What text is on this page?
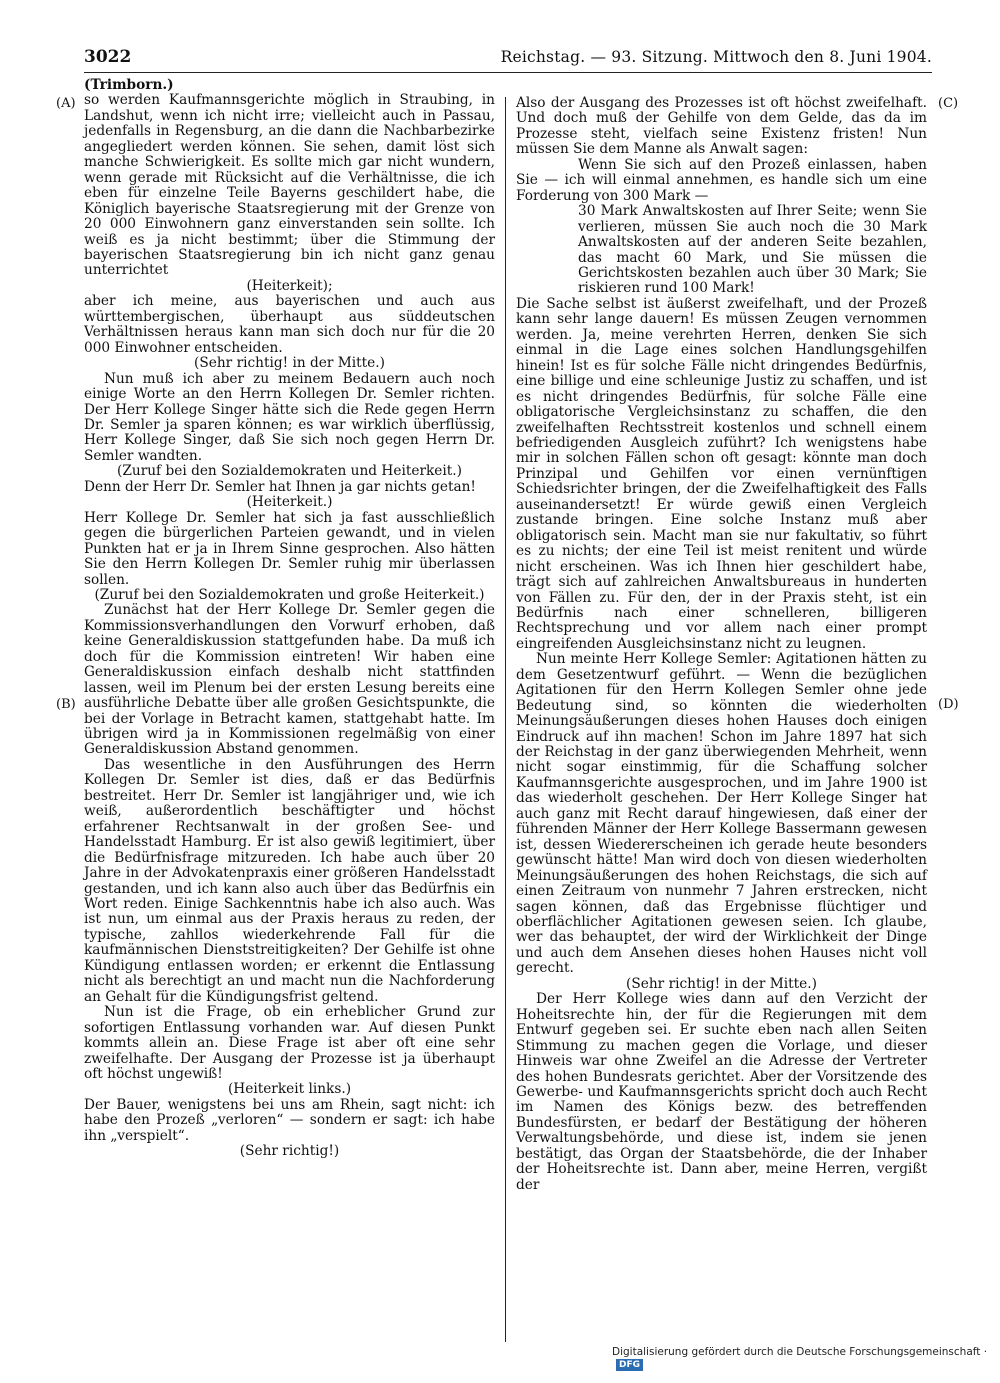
3022	Reichstag. — 93. Sitzung. Mittwoch den 8. Juni 1904.
(A)
(B)
(C)
(D)

(Trimborn.)

so werden Kaufmannsgerichte möglich in Straubing, in Landshut, wenn ich nicht irre; vielleicht auch in Passau, jedenfalls in Regensburg, an die dann die Nachbarbezirke angegliedert werden können. Sie sehen, damit löst sich manche Schwierigkeit. Es sollte mich gar nicht wundern, wenn gerade mit Rücksicht auf die Verhältnisse, die ich eben für einzelne Teile Bayerns geschildert habe, die Königlich bayerische Staatsregierung mit der Grenze von 20 000 Einwohnern ganz einverstanden sein sollte. Ich weiß es ja nicht bestimmt; über die Stimmung der bayerischen Staatsregierung bin ich nicht ganz genau unterrichtet

(Heiterkeit);

aber ich meine, aus bayerischen und auch aus württembergischen, überhaupt aus süddeutschen Verhältnissen heraus kann man sich doch nur für die 20 000 Einwohner entscheiden.

(Sehr richtig! in der Mitte.)

Nun muß ich aber zu meinem Bedauern auch noch einige Worte an den Herrn Kollegen Dr. Semler richten. Der Herr Kollege Singer hätte sich die Rede gegen Herrn Dr. Semler ja sparen können; es war wirklich überflüssig, Herr Kollege Singer, daß Sie sich noch gegen Herrn Dr. Semler wandten.

(Zuruf bei den Sozialdemokraten und Heiterkeit.)

Denn der Herr Dr. Semler hat Ihnen ja gar nichts getan!

(Heiterkeit.)

Herr Kollege Dr. Semler hat sich ja fast ausschließlich gegen die bürgerlichen Parteien gewandt, und in vielen Punkten hat er ja in Ihrem Sinne gesprochen. Also hätten Sie den Herrn Kollegen Dr. Semler ruhig mir überlassen sollen.

(Zuruf bei den Sozialdemokraten und große Heiterkeit.)

Zunächst hat der Herr Kollege Dr. Semler gegen die Kommissionsverhandlungen den Vorwurf erhoben, daß keine Generaldiskussion stattgefunden habe. Da muß ich doch für die Kommission eintreten! Wir haben eine Generaldiskussion einfach deshalb nicht stattfinden lassen, weil im Plenum bei der ersten Lesung bereits eine ausführliche Debatte über alle großen Gesichtspunkte, die bei der Vorlage in Betracht kamen, stattgehabt hatte. Im übrigen wird ja in Kommissionen regelmäßig von einer Generaldiskussion Abstand genommen.

Das wesentliche in den Ausführungen des Herrn Kollegen Dr. Semler ist dies, daß er das Bedürfnis bestreitet. Herr Dr. Semler ist langjähriger und, wie ich weiß, außerordentlich beschäftigter und höchst erfahrener Rechtsanwalt in der großen See- und Handelsstadt Hamburg. Er ist also gewiß legitimiert, über die Bedürfnisfrage mitzureden. Ich habe auch über 20 Jahre in der Advokatenpraxis einer größeren Handelsstadt gestanden, und ich kann also auch über das Bedürfnis ein Wort reden. Einige Sachkenntnis habe ich also auch. Was ist nun, um einmal aus der Praxis heraus zu reden, der typische, zahllos wiederkehrende Fall für die kaufmännischen Dienststreitigkeiten? Der Gehilfe ist ohne Kündigung entlassen worden; er erkennt die Entlassung nicht als berechtigt an und macht nun die Nachforderung an Gehalt für die Kündigungsfrist geltend.

Nun ist die Frage, ob ein erheblicher Grund zur sofortigen Entlassung vorhanden war. Auf diesen Punkt kommts allein an. Diese Frage ist aber oft eine sehr zweifelhafte. Der Ausgang der Prozesse ist ja überhaupt oft höchst ungewiß!

(Heiterkeit links.)

Der Bauer, wenigstens bei uns am Rhein, sagt nicht: ich habe den Prozeß „verloren“ — sondern er sagt: ich habe ihn „verspielt“.

(Sehr richtig!)

Also der Ausgang des Prozesses ist oft höchst zweifelhaft. Und doch muß der Gehilfe von dem Gelde, das da im Prozesse steht, vielfach seine Existenz fristen! Nun müssen Sie dem Manne als Anwalt sagen:

Wenn Sie sich auf den Prozeß einlassen, haben Sie — ich will einmal annehmen, es handle sich um eine Forderung von 300 Mark —

30 Mark Anwaltskosten auf Ihrer Seite; wenn Sie verlieren, müssen Sie auch noch die 30 Mark Anwaltskosten auf der anderen Seite bezahlen, das macht 60 Mark, und Sie müssen die Gerichtskosten bezahlen auch über 30 Mark; Sie riskieren rund 100 Mark!

Die Sache selbst ist äußerst zweifelhaft, und der Prozeß kann sehr lange dauern! Es müssen Zeugen vernommen werden. Ja, meine verehrten Herren, denken Sie sich einmal in die Lage eines solchen Handlungsgehilfen hinein! Ist es für solche Fälle nicht dringendes Bedürfnis, eine billige und eine schleunige Justiz zu schaffen, und ist es nicht dringendes Bedürfnis, für solche Fälle eine obligatorische Vergleichsinstanz zu schaffen, die den zweifelhaften Rechtsstreit kostenlos und schnell einem befriedigenden Ausgleich zuführt? Ich wenigstens habe mir in solchen Fällen schon oft gesagt: könnte man doch Prinzipal und Gehilfen vor einen vernünftigen Schiedsrichter bringen, der die Zweifelhaftigkeit des Falls auseinandersetzt! Er würde gewiß einen Vergleich zustande bringen. Eine solche Instanz muß aber obligatorisch sein. Macht man sie nur fakultativ, so führt es zu nichts; der eine Teil ist meist renitent und würde nicht erscheinen. Was ich Ihnen hier geschildert habe, trägt sich auf zahlreichen Anwaltsbureaus in hunderten von Fällen zu. Für den, der in der Praxis steht, ist ein Bedürfnis nach einer schnelleren, billigeren Rechtsprechung und vor allem nach einer prompt eingreifenden Ausgleichsinstanz nicht zu leugnen.

Nun meinte Herr Kollege Semler: Agitationen hätten zu dem Gesetzentwurf geführt. — Wenn die bezüglichen Agitationen für den Herrn Kollegen Semler ohne jede Bedeutung sind, so könnten die wiederholten Meinungsäußerungen dieses hohen Hauses doch einigen Eindruck auf ihn machen! Schon im Jahre 1897 hat sich der Reichstag in der ganz überwiegenden Mehrheit, wenn nicht sogar einstimmig, für die Schaffung solcher Kaufmannsgerichte ausgesprochen, und im Jahre 1900 ist das wiederholt geschehen. Der Herr Kollege Singer hat auch ganz mit Recht darauf hingewiesen, daß einer der führenden Männer der Herr Kollege Bassermann gewesen ist, dessen Wiedererscheinen ich gerade heute besonders gewünscht hätte! Man wird doch von diesen wiederholten Meinungsäußerungen des hohen Reichstags, die sich auf einen Zeitraum von nunmehr 7 Jahren erstrecken, nicht sagen können, daß das Ergebnisse flüchtiger und oberflächlicher Agitationen gewesen seien. Ich glaube, wer das behauptet, der wird der Wirklichkeit der Dinge und auch dem Ansehen dieses hohen Hauses nicht voll gerecht.

(Sehr richtig! in der Mitte.)

Der Herr Kollege wies dann auf den Verzicht der Hoheitsrechte hin, der für die Regierungen mit dem Entwurf gegeben sei. Er suchte eben nach allen Seiten Stimmung zu machen gegen die Vorlage, und dieser Hinweis war ohne Zweifel an die Adresse der Vertreter des hohen Bundesrats gerichtet. Aber der Vorsitzende des Gewerbe- und Kaufmannsgerichts spricht doch auch Recht im Namen des Königs bezw. des betreffenden Bundesfürsten, er bedarf der Bestätigung der höheren Verwaltungsbehörde, und diese ist, indem sie jenen bestätigt, das Organ der Staatsbehörde, die der Inhaber der Hoheitsrechte ist. Dann aber, meine Herren, vergißt der

Digitalisierung gefördert durch die Deutsche Forschungsgemeinschaft ·DFG
